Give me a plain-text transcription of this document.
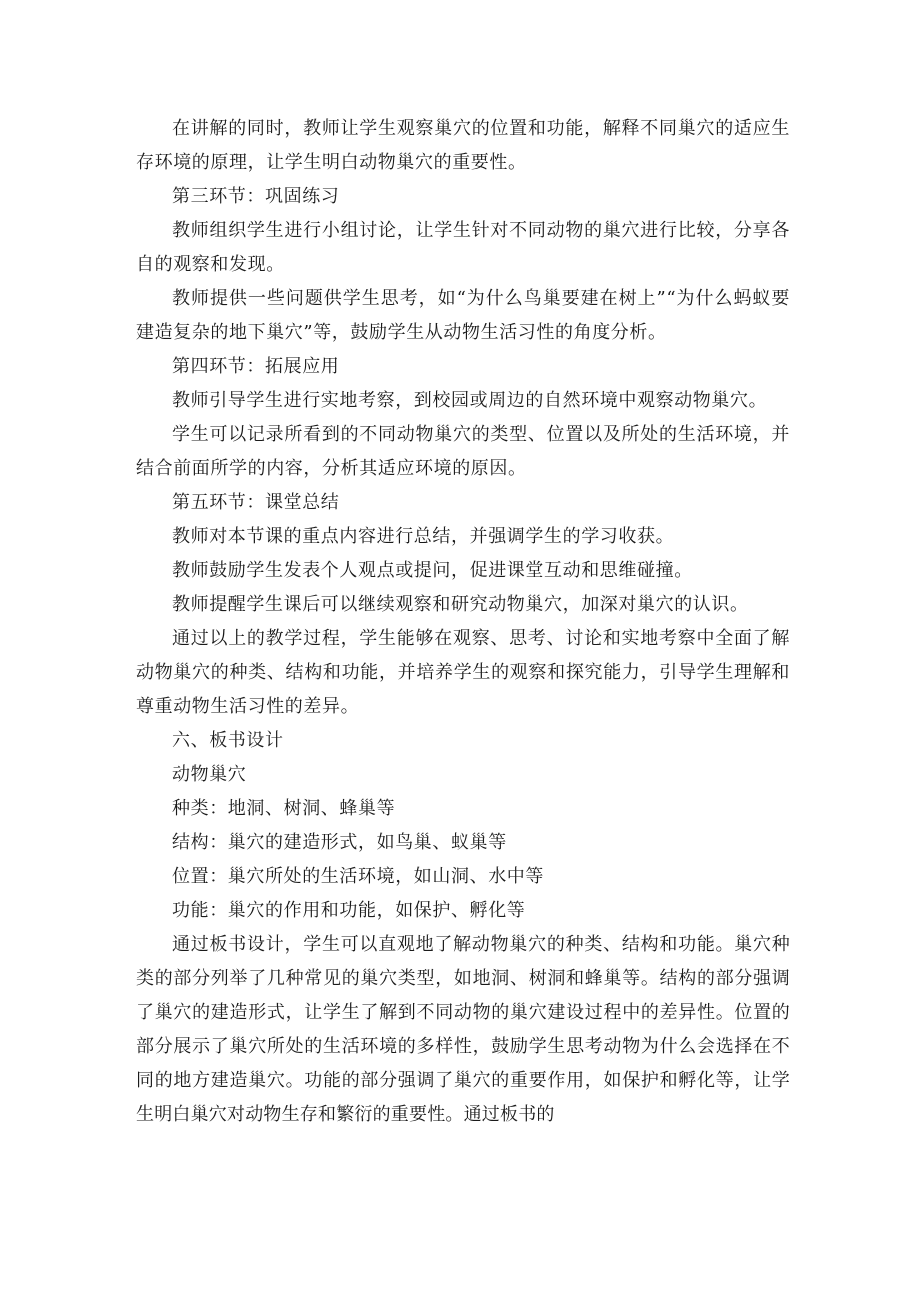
在讲解的同时，教师让学生观察巢穴的位置和功能，解释不同巢穴的适应生存环境的原理，让学生明白动物巢穴的重要性。

第三环节：巩固练习

教师组织学生进行小组讨论，让学生针对不同动物的巢穴进行比较，分享各自的观察和发现。

教师提供一些问题供学生思考，如“为什么鸟巢要建在树上”“为什么蚂蚁要建造复杂的地下巢穴”等，鼓励学生从动物生活习性的角度分析。

第四环节：拓展应用

教师引导学生进行实地考察，到校园或周边的自然环境中观察动物巢穴。

学生可以记录所看到的不同动物巢穴的类型、位置以及所处的生活环境，并结合前面所学的内容，分析其适应环境的原因。

第五环节：课堂总结

教师对本节课的重点内容进行总结，并强调学生的学习收获。

教师鼓励学生发表个人观点或提问，促进课堂互动和思维碰撞。

教师提醒学生课后可以继续观察和研究动物巢穴，加深对巢穴的认识。

通过以上的教学过程，学生能够在观察、思考、讨论和实地考察中全面了解动物巢穴的种类、结构和功能，并培养学生的观察和探究能力，引导学生理解和尊重动物生活习性的差异。

六、板书设计

动物巢穴

种类：地洞、树洞、蜂巢等

结构：巢穴的建造形式，如鸟巢、蚁巢等

位置：巢穴所处的生活环境，如山洞、水中等

功能：巢穴的作用和功能，如保护、孵化等

通过板书设计，学生可以直观地了解动物巢穴的种类、结构和功能。巢穴种类的部分列举了几种常见的巢穴类型，如地洞、树洞和蜂巢等。结构的部分强调了巢穴的建造形式，让学生了解到不同动物的巢穴建设过程中的差异性。位置的部分展示了巢穴所处的生活环境的多样性，鼓励学生思考动物为什么会选择在不同的地方建造巢穴。功能的部分强调了巢穴的重要作用，如保护和孵化等，让学生明白巢穴对动物生存和繁衍的重要性。通过板书的
